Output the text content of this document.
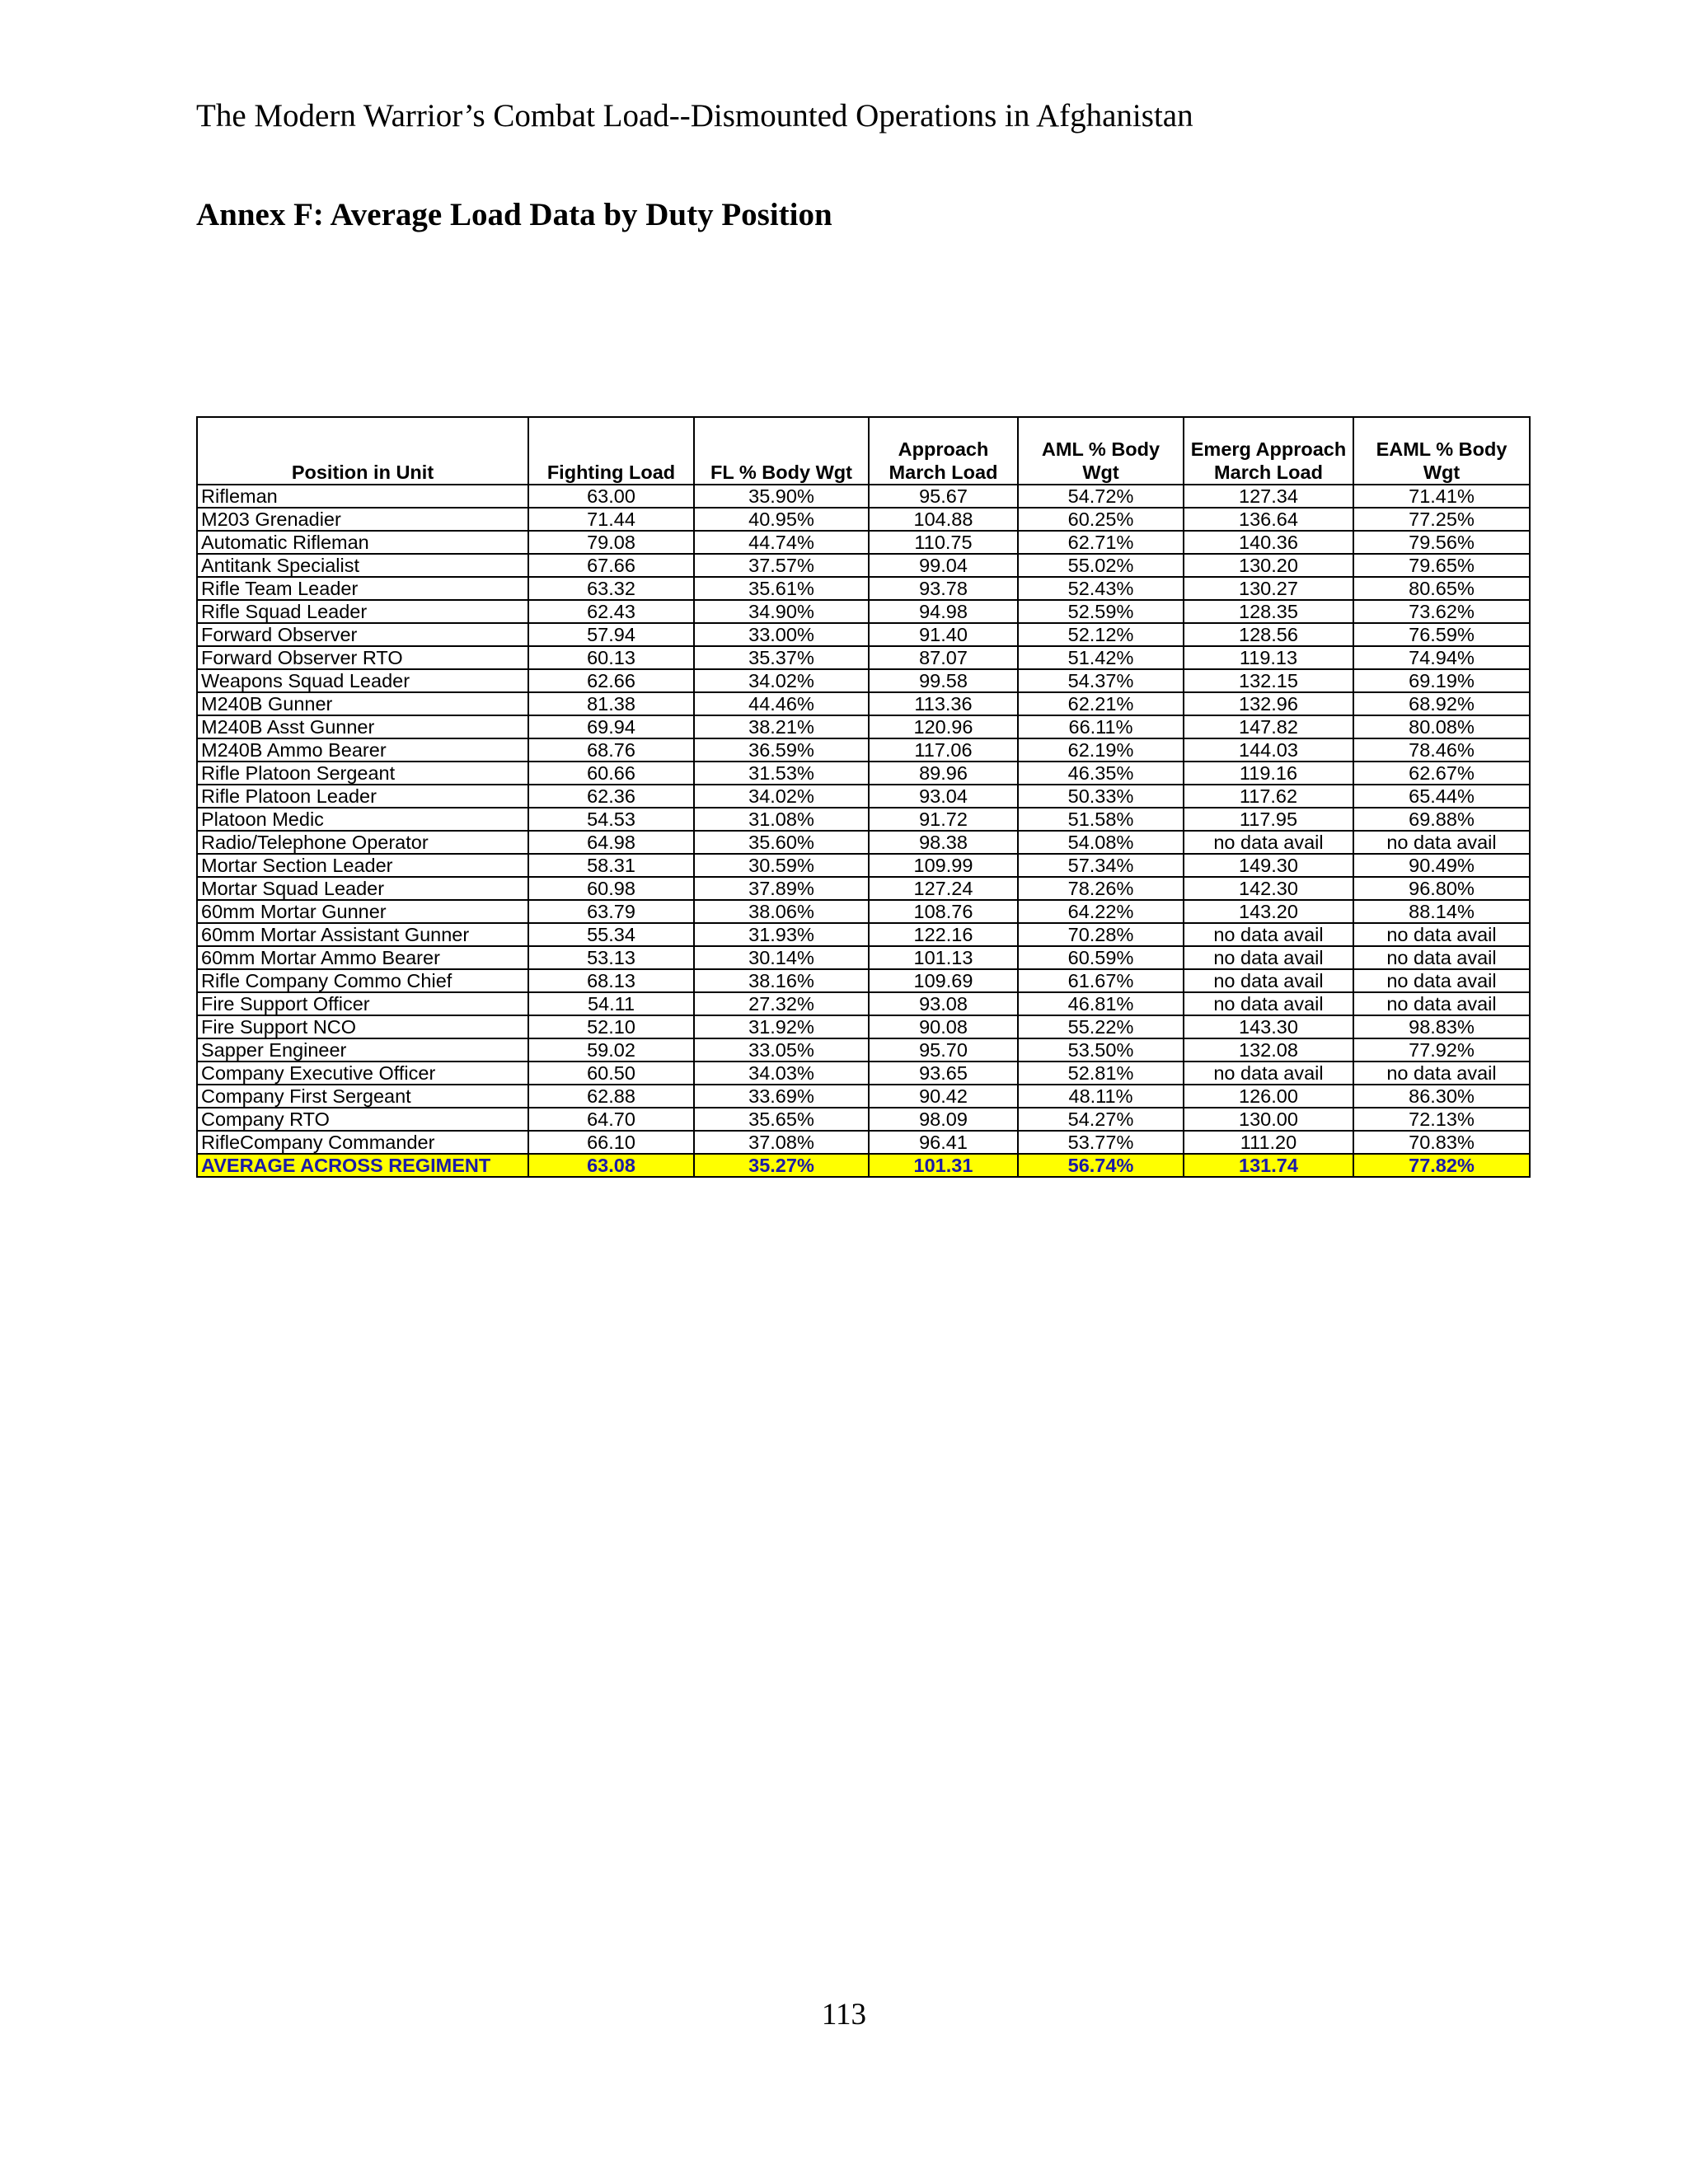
The Modern Warrior’s Combat Load--Dismounted Operations in Afghanistan
Annex F: Average Load Data by Duty Position
Position in Unit	Fighting Load	FL % Body Wgt	Approach March Load	AML % Body Wgt	Emerg Approach March Load	EAML % Body Wgt
Rifleman	63.00	35.90%	95.67	54.72%	127.34	71.41%
M203 Grenadier	71.44	40.95%	104.88	60.25%	136.64	77.25%
Automatic Rifleman	79.08	44.74%	110.75	62.71%	140.36	79.56%
Antitank Specialist	67.66	37.57%	99.04	55.02%	130.20	79.65%
Rifle Team Leader	63.32	35.61%	93.78	52.43%	130.27	80.65%
Rifle Squad Leader	62.43	34.90%	94.98	52.59%	128.35	73.62%
Forward Observer	57.94	33.00%	91.40	52.12%	128.56	76.59%
Forward Observer RTO	60.13	35.37%	87.07	51.42%	119.13	74.94%
Weapons Squad Leader	62.66	34.02%	99.58	54.37%	132.15	69.19%
M240B Gunner	81.38	44.46%	113.36	62.21%	132.96	68.92%
M240B Asst Gunner	69.94	38.21%	120.96	66.11%	147.82	80.08%
M240B Ammo Bearer	68.76	36.59%	117.06	62.19%	144.03	78.46%
Rifle Platoon Sergeant	60.66	31.53%	89.96	46.35%	119.16	62.67%
Rifle Platoon Leader	62.36	34.02%	93.04	50.33%	117.62	65.44%
Platoon Medic	54.53	31.08%	91.72	51.58%	117.95	69.88%
Radio/Telephone Operator	64.98	35.60%	98.38	54.08%	no data avail	no data avail
Mortar Section Leader	58.31	30.59%	109.99	57.34%	149.30	90.49%
Mortar Squad Leader	60.98	37.89%	127.24	78.26%	142.30	96.80%
60mm Mortar Gunner	63.79	38.06%	108.76	64.22%	143.20	88.14%
60mm Mortar Assistant Gunner	55.34	31.93%	122.16	70.28%	no data avail	no data avail
60mm Mortar Ammo Bearer	53.13	30.14%	101.13	60.59%	no data avail	no data avail
Rifle Company Commo Chief	68.13	38.16%	109.69	61.67%	no data avail	no data avail
Fire Support Officer	54.11	27.32%	93.08	46.81%	no data avail	no data avail
Fire Support NCO	52.10	31.92%	90.08	55.22%	143.30	98.83%
Sapper Engineer	59.02	33.05%	95.70	53.50%	132.08	77.92%
Company Executive Officer	60.50	34.03%	93.65	52.81%	no data avail	no data avail
Company First Sergeant	62.88	33.69%	90.42	48.11%	126.00	86.30%
Company RTO	64.70	35.65%	98.09	54.27%	130.00	72.13%
RifleCompany Commander	66.10	37.08%	96.41	53.77%	111.20	70.83%
AVERAGE ACROSS REGIMENT	63.08	35.27%	101.31	56.74%	131.74	77.82%
113
